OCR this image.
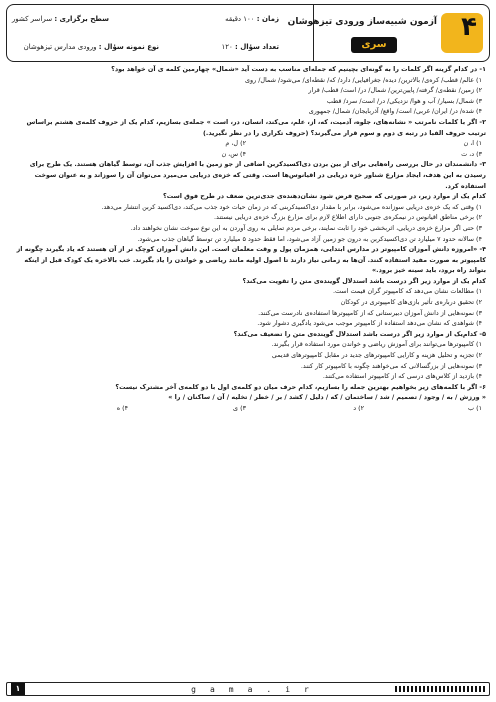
۴
آزمون شبیه‌ساز ورودی تیزهوشان
سری
زمان : ۱۰۰ دقیقه
سطح برگزاری : سراسر کشور
تعداد سؤال : ۱۲۰
نوع نمونه سؤال : ورودی مدارس تیزهوشان
۱- در کدام گزینه اگر کلمات را به گونه‌ای بچینیم که جمله‌ای مناسب به دست آید «شمال» چهارمین کلمه ی آن خواهد بود؟
۱) عالم/ قطب/ کره‌ی/ بالاترین/ دیده/ جغرافیایی/ دارد/ که/ نقطه‌ای/ می‌شود/ شمال/ روی
۲) زمین/ نقطه‌ی/ گرفته/ پایین‌ترین/ شمال/ در/ است/ قطب/ قرار
۳) شمال/ بسیار/ آب و هوا/ نزدیکی/ در/ است/ سرد/ قطب
۴) شده/ در/ ایران/ غربی/ است/ واقع/ آذربایجان/ شمال/ جمهوری
۲- اگر با کلمات نامرتب « نشانه‌های، جلوه، آدمیت، که، از، علم، می‌کند، انسان، در، است » جمله‌ی بسازیم، کدام یک از حروف کلمه‌ی هشتم براساس ترتیب حروف الفبا در رتبه ی دوم و سوم قرار می‌گیرند؟ (حروف تکراری را در نظر نگیرید.)
۱) ا، ن
۲) ل، م
۳) د، ت
۴) س، ن
۳- دانشمندان در حال بررسی راه‌هایی برای از بین بردن دی‌اکسیدکربن اضافی از جو زمین با افزایش جذب آن، توسط گیاهان هستند. یک طرح برای رسیدن به این هدف، ایجاد مزارع شناور خزه دریایی در اقیانوس‌ها است. وقتی که خزه‌ی دریایی می‌میرد می‌توان آن را سوزاند و به عنوان سوخت استفاده کرد.
کدام یک از موارد زیر، در صورتی که صحیح فرض شود نشان‌دهنده‌ی جدی‌ترین ضعف در طرح فوق است؟
۱) وقتی که یک خزه‌ی دریایی سوزانده می‌شود، برابر با مقدار دی‌اکسیدکربنی که در زمان حیات خود جذب می‌کند، دی‌اکسید کربن انتشار می‌دهد.
۲) برخی مناطق اقیانوس در نیمکره‌ی جنوبی دارای اطلاع لازم برای مزارع بزرگ خزه‌ی دریایی نیستند.
۳) حتی اگر مزارع خزه‌ی دریایی، اثربخشی خود را ثابت نمایند، برخی مردم تمایلی به روی آوردن به این نوع سوخت نشان نخواهند داد.
۴) سالانه حدود ۷ میلیارد تن دی‌اکسیدکربن به درون جو زمین آزاد می‌شود، اما فقط حدود ۵ میلیارد تن توسط گیاهان جذب می‌شود.
۴- «امروزه دانش آموزان کامپیوتر در مدارس ابتدایی، همزمان پول و وقت معلمان است. این دانش آموزان کوچک تر از آن هستند که یاد بگیرند چگونه از کامپیوتر به صورت مفید استفاده کنند. آن‌ها به زمانی نیاز دارند تا اصول اولیه مانند ریاضی و خواندن را یاد بگیرند. خب بالاخره یک کودک قبل از اینکه بتواند راه برود، باید سینه خیز برود.»
کدام یک از موارد زیر اگر درست باشد استدلال گوینده‌ی متن را تقویت می‌کند؟
۱) مطالعات نشان می‌دهد که کامپیوتر گران قیمت است.
۲) تحقیق درباره‌ی تأثیر بازی‌های کامپیوتری در کودکان
۳) نمونه‌هایی از دانش آموزان دبیرستانی که از کامپیوترها استفاده‌ی نادرست می‌کنند.
۴) شواهدی که نشان می‌دهد استفاده از کامپیوتر موجب می‌شود یادگیری دشوار شود.
۵- کدام‌یک از موارد زیر اگر درست باشد استدلال گوینده‌ی متن را تضعیف می‌کند؟
۱) کامپیوترها می‌توانند برای آموزش ریاضی و خواندن مورد استفاده قرار بگیرند.
۲) تجزیه و تحلیل هزینه و کارایی کامپیوترهای جدید در مقابل کامپیوترهای قدیمی
۳) نمونه‌هایی از بزرگسالانی که می‌خواهند چگونه با کامپیوتر کار کنند.
۴) بازدید از کلاس‌های درسی که از کامپیوتر استفاده می‌کنند.
۶- اگر با کلمه‌های زیر بخواهیم بهترین جمله را بسازیم، کدام حرف میان دو کلمه‌ی اول با دو کلمه‌ی آخر مشترک نیست؟
« ورزش / به / وجود / تصمیم / شد / ساختمان / که / دلیل / کشد / بر / خطر / تخلیه / آن / ساکنان / را »
۱) ب
۲) د
۳) ی
۴) ه
۱	gama.ir
